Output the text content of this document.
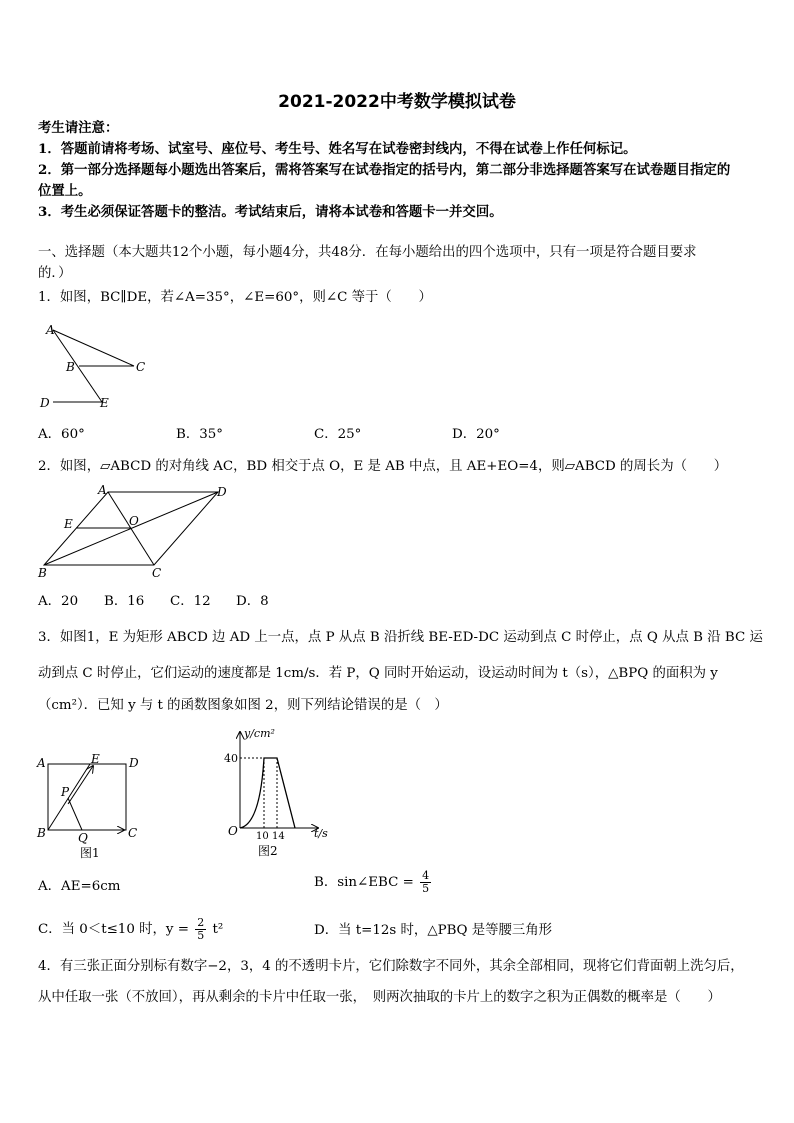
2021-2022中考数学模拟试卷
考生请注意：
1．答题前请将考场、试室号、座位号、考生号、姓名写在试卷密封线内，不得在试卷上作任何标记。
2．第一部分选择题每小题选出答案后，需将答案写在试卷指定的括号内，第二部分非选择题答案写在试卷题目指定的
位置上。
3．考生必须保证答题卡的整洁。考试结束后，请将本试卷和答题卡一并交回。
一、选择题（本大题共12个小题，每小题4分，共48分．在每小题给出的四个选项中，只有一项是符合题目要求
的．）
1．如图，BC∥DE，若∠A=35°，∠E=60°，则∠C 等于（　　）
A
B	C
D	E
A．60°	B．35°	C．25°	D．20°
2．如图，▱ABCD 的对角线 AC，BD 相交于点 O，E 是 AB 中点，且 AE+EO=4，则▱ABCD 的周长为（　　）
A	D
E	O
B	C
A．20 B．16 C．12 D．8
3．如图1，E 为矩形 ABCD 边 AD 上一点，点 P 从点 B 沿折线 BE-ED-DC 运动到点 C 时停止，点 Q 从点 B 沿 BC 运
动到点 C 时停止，它们运动的速度都是 1cm/s．若 P，Q 同时开始运动，设运动时间为 t（s），△BPQ 的面积为 y
（cm²）．已知 y 与 t 的函数图象如图 2，则下列结论错误的是（　）
A	E D
P
B	Q	C
图1
y/cm²
40
O 10 14	t/s
图2
A．AE=6cm	B．sin∠EBC = $\frac{4}{5}$
C．当 0＜t≤10 时，$y = \frac{2}{5} t^2$	D．当 t=12s 时，△PBQ 是等腰三角形
4．有三张正面分别标有数字−2，3，4 的不透明卡片，它们除数字不同外，其余全部相同，现将它们背面朝上洗匀后，
从中任取一张（不放回），再从剩余的卡片中任取一张，　则两次抽取的卡片上的数字之积为正偶数的概率是（　　）
